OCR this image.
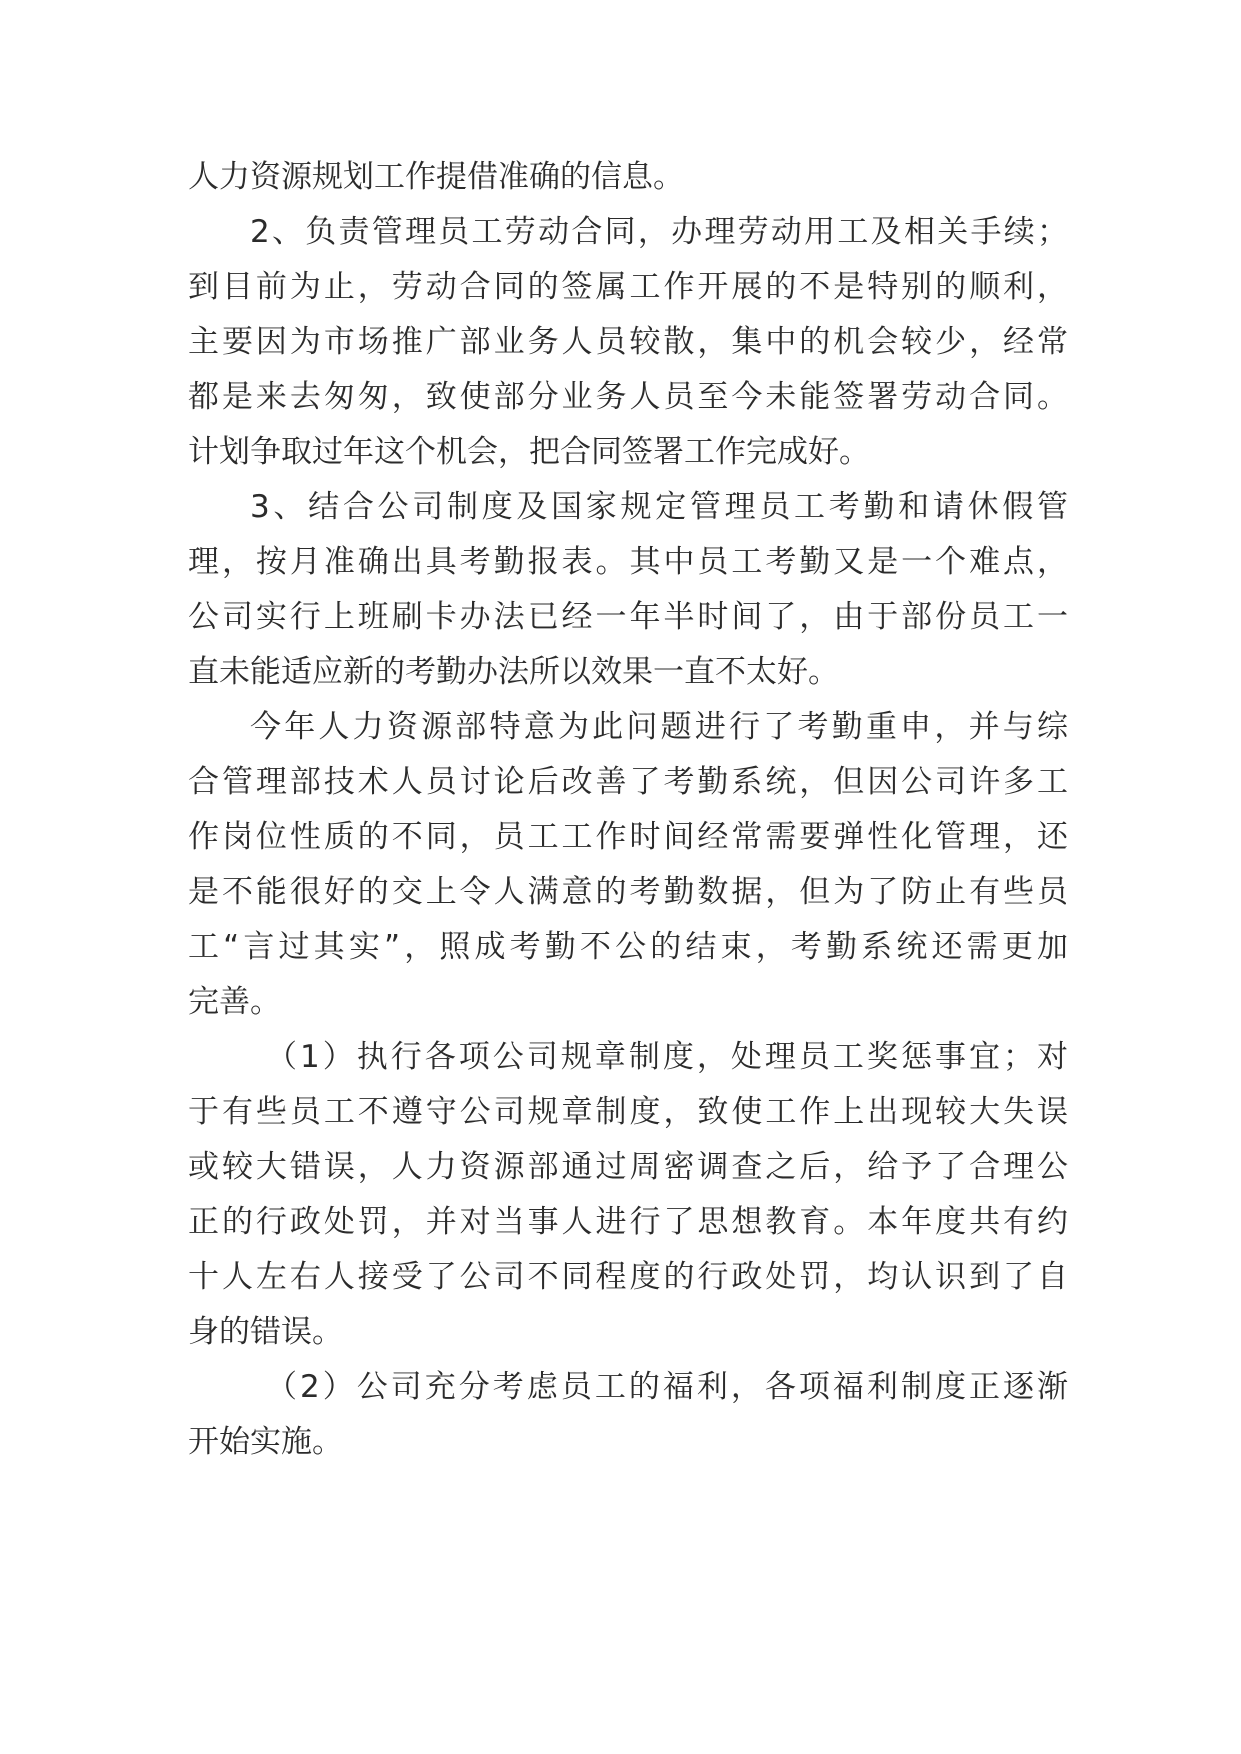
人力资源规划工作提借准确的信息。
2、负责管理员工劳动合同，办理劳动用工及相关手续；
到目前为止，劳动合同的签属工作开展的不是特别的顺利，
主要因为市场推广部业务人员较散，集中的机会较少，经常
都是来去匆匆，致使部分业务人员至今未能签署劳动合同。
计划争取过年这个机会，把合同签署工作完成好。
3、结合公司制度及国家规定管理员工考勤和请休假管
理，按月准确出具考勤报表。其中员工考勤又是一个难点，
公司实行上班刷卡办法已经一年半时间了，由于部份员工一
直未能适应新的考勤办法所以效果一直不太好。
今年人力资源部特意为此问题进行了考勤重申，并与综
合管理部技术人员讨论后改善了考勤系统，但因公司许多工
作岗位性质的不同，员工工作时间经常需要弹性化管理，还
是不能很好的交上令人满意的考勤数据，但为了防止有些员
工“言过其实”，照成考勤不公的结束，考勤系统还需更加
完善。
（1）执行各项公司规章制度，处理员工奖惩事宜；对
于有些员工不遵守公司规章制度，致使工作上出现较大失误
或较大错误，人力资源部通过周密调查之后，给予了合理公
正的行政处罚，并对当事人进行了思想教育。本年度共有约
十人左右人接受了公司不同程度的行政处罚，均认识到了自
身的错误。
（2）公司充分考虑员工的福利，各项福利制度正逐渐
开始实施。
